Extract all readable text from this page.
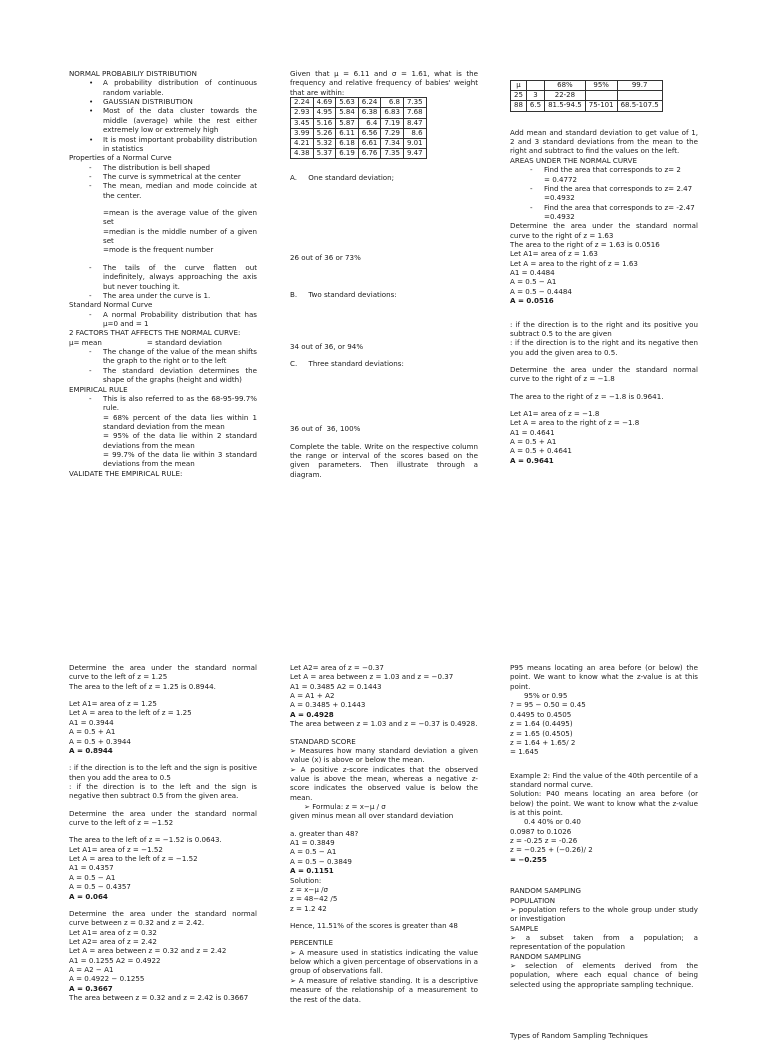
NORMAL PROBABILIY DISTRIBUTION
• A probability distribution of continuous random variable.
• GAUSSIAN DISTRIBUTION
• Most of the data cluster towards the middle (average) while the rest either extremely low or extremely high
• It is most important probability distribution in statistics
Properties of a Normal Curve
- The distribution is bell shaped
- The curve is symmetrical at the center
- The mean, median and mode coincide at the center.
=mean is the average value of the given set
=median is the middle number of a given set
=mode is the frequent number
- The tails of the curve flatten out indefinitely, always approaching the axis but never touching it.
- The area under the curve is 1.
Standard Normal Curve
- A normal Probability distribution that has μ=0 and = 1
2 FACTORS THAT AFFECTS THE NORMAL CURVE:
μ= mean                    = standard deviation
- The change of the value of the mean shifts the graph to the right or to the left
- The standard deviation determines the shape of the graphs (height and width)
EMPIRICAL RULE
- This is also referred to as the 68-95-99.7% rule.
= 68% percent of the data lies within 1 standard deviation from the mean
= 95% of the data lie within 2 standard deviations from the mean
= 99.7% of the data lie within 3 standard deviations from the mean
VALIDATE THE EMPIRICAL RULE:
Given that μ = 6.11 and σ = 1.61, what is the frequency and relative frequency of babies' weight that are within:
2.24	4.69	5.63	6.24	6.8	7.35
2.93	4.95	5.84	6.38	6.83	7.68
3.45	5.16	5.87	6.4	7.19	8.47
3.99	5.26	6.11	6.56	7.29	8.6
4.21	5.32	6.18	6.61	7.34	9.01
4.38	5.37	6.19	6.76	7.35	9.47
A.     One standard deviation;
26 out of 36 or 73%
B.     Two standard deviations:
34 out of 36, or 94%
C.     Three standard deviations:
36 out of  36, 100%
Complete the table. Write on the respective column the range or interval of the scores based on the given parameters. Then illustrate through a diagram.
μ		68%	95%	99.7
25	3	22-28		
88	6.5	81.5-94.5	75-101	68.5-107.5
Add mean and standard deviation to get value of 1, 2 and 3 standard deviations from the mean to the right and subtract to find the values on the left.
AREAS UNDER THE NORMAL CURVE
- Find the area that corresponds to z= 2
= 0.4772
- Find the area that corresponds to z= 2.47
=0.4932
- Find the area that corresponds to z= -2.47
=0.4932
Determine the area under the standard normal curve to the right of z = 1.63
The area to the right of z = 1.63 is 0.0516
Let A1= area of z = 1.63
Let A = area to the right of z = 1.63
A1 = 0.4484
A = 0.5 − A1
A = 0.5 − 0.4484
A = 0.0516
: if the direction is to the right and its positive you subtract 0.5 to the are given
: if the direction is to the right and its negative then you add the given area to 0.5.
Determine the area under the standard normal curve to the right of z = −1.8
The area to the right of z = −1.8 is 0.9641.
Let A1= area of z = −1.8
Let A = area to the right of z = −1.8
A1 = 0.4641
A = 0.5 + A1
A = 0.5 + 0.4641
A = 0.9641
Determine the area under the standard normal curve to the left of z = 1.25
The area to the left of z = 1.25 is 0.8944.
Let A1= area of z = 1.25
Let A = area to the left of z = 1.25
A1 = 0.3944
A = 0.5 + A1
A = 0.5 + 0.3944
A = 0.8944
: if the direction is to the left and the sign is positive then you add the area to 0.5
: if the direction is to the left and the sign is negative then subtract 0.5 from the given area.
Determine the area under the standard normal curve to the left of z = −1.52
The area to the left of z = −1.52 is 0.0643.
Let A1= area of z = −1.52
Let A = area to the left of z = −1.52
A1 = 0.4357
A = 0.5 − A1
A = 0.5 − 0.4357
A = 0.064
Determine the area under the standard normal curve between z = 0.32 and z = 2.42.
Let A1= area of z = 0.32
Let A2= area of z = 2.42
Let A = area between z = 0.32 and z = 2.42
A1 = 0.1255 A2 = 0.4922
A = A2 − A1
A = 0.4922 − 0.1255
A = 0.3667
The area between z = 0.32 and z = 2.42 is 0.3667
Let A2= area of z = −0.37
Let A = area between z = 1.03 and z = −0.37
A1 = 0.3485 A2 = 0.1443
A = A1 + A2
A = 0.3485 + 0.1443
A = 0.4928
The area between z = 1.03 and z = −0.37 is 0.4928.
STANDARD SCORE
➢ Measures how many standard deviation a given value (x) is above or below the mean.
➢ A positive z-score indicates that the observed value is above the mean, whereas a negative z-score indicates the observed value is below the mean.
➢ Formula: z = x−μ / σ
given minus mean all over standard deviation
a. greater than 48?
A1 = 0.3849
A = 0.5 − A1
A = 0.5 − 0.3849
A = 0.1151
Solution:
z = x−μ /σ
z = 48−42 /5
z = 1.2 42
Hence, 11.51% of the scores is greater than 48
PERCENTILE
➢ A measure used in statistics indicating the value below which a given percentage of observations in a group of observations fall.
➢ A measure of relative standing. It is a descriptive measure of the relationship of a measurement to the rest of the data.
P95 means locating an area before (or below) the point. We want to know what the z-value is at this point.
95% or 0.95
? = 95 − 0.50 = 0.45
0.4495 to 0.4505
z = 1.64 (0.4495)
z = 1.65 (0.4505)
z = 1.64 + 1.65/ 2
= 1.645
Example 2: Find the value of the 40th percentile of a standard normal curve.
Solution: P40 means locating an area before (or below) the point. We want to know what the z-value is at this point.
0.4 40% or 0.40
0.0987 to 0.1026
z = -0.25 z = -0.26
z = −0.25 + (−0.26)/ 2
= −0.255
RANDOM SAMPLING
POPULATION
➢ population refers to the whole group under study or investigation
SAMPLE
➢ a subset taken from a population; a representation of the population
RANDOM SAMPLING
➢ selection of elements derived from the population, where each equal chance of being selected using the appropriate sampling technique.
Types of Random Sampling Techniques
